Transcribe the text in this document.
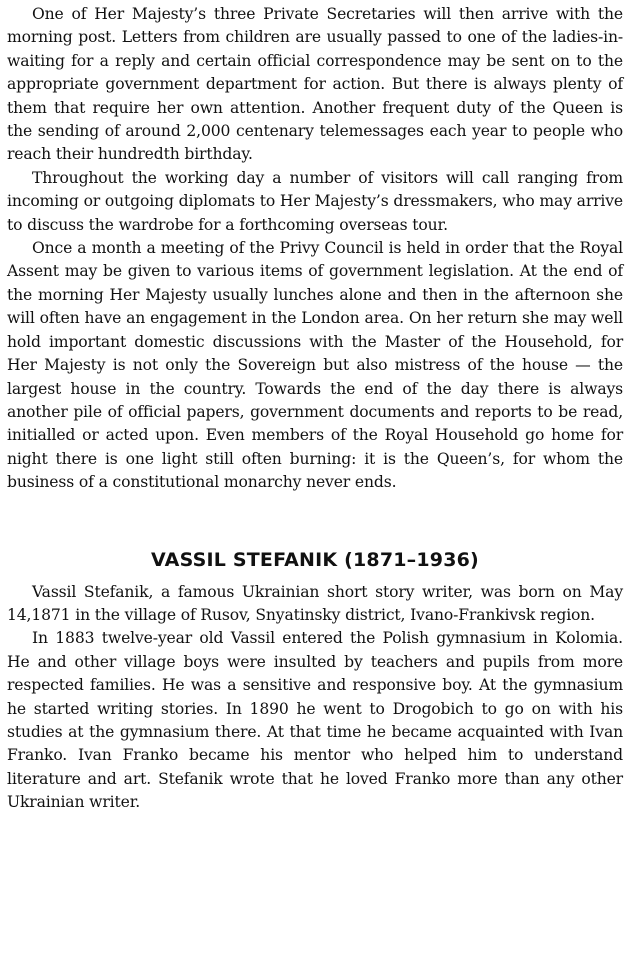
One of Her Majesty’s three Private Secretaries will then arrive with the morning post. Letters from children are usually passed to one of the ladies-in-waiting for a reply and certain official correspondence may be sent on to the appropriate government department for action. But there is always plenty of them that require her own attention. Another frequent duty of the Queen is the sending of around 2,000 centenary telemessages each year to people who reach their hundredth birthday.

Throughout the working day a number of visitors will call ranging from incoming or outgoing diplomats to Her Majesty’s dressmakers, who may arrive to discuss the wardrobe for a forthcoming overseas tour.

Once a month a meeting of the Privy Council is held in order that the Royal Assent may be given to various items of government legislation. At the end of the morning Her Majesty usually lunches alone and then in the afternoon she will often have an engagement in the London area. On her return she may well hold important domestic discussions with the Master of the Household, for Her Majesty is not only the Sovereign but also mistress of the house — the largest house in the country. Towards the end of the day there is always another pile of official papers, government documents and reports to be read, initialled or acted upon. Even members of the Royal Household go home for night there is one light still often burning: it is the Queen’s, for whom the business of a constitutional monarchy never ends.

VASSIL STEFANIK (1871–1936)

Vassil Stefanik, a famous Ukrainian short story writer, was born on May 14,1871 in the village of Rusov, Snyatinsky district, Ivano-Frankivsk region.

In 1883 twelve-year old Vassil entered the Polish gymnasium in Kolomia. He and other village boys were insulted by teachers and pupils from more respected families. He was a sensitive and responsive boy. At the gymnasium he started writing stories. In 1890 he went to Drogobich to go on with his studies at the gymnasium there. At that time he became acquainted with Ivan Franko. Ivan Franko became his mentor who helped him to understand literature and art. Stefanik wrote that he loved Franko more than any other Ukrainian writer.
